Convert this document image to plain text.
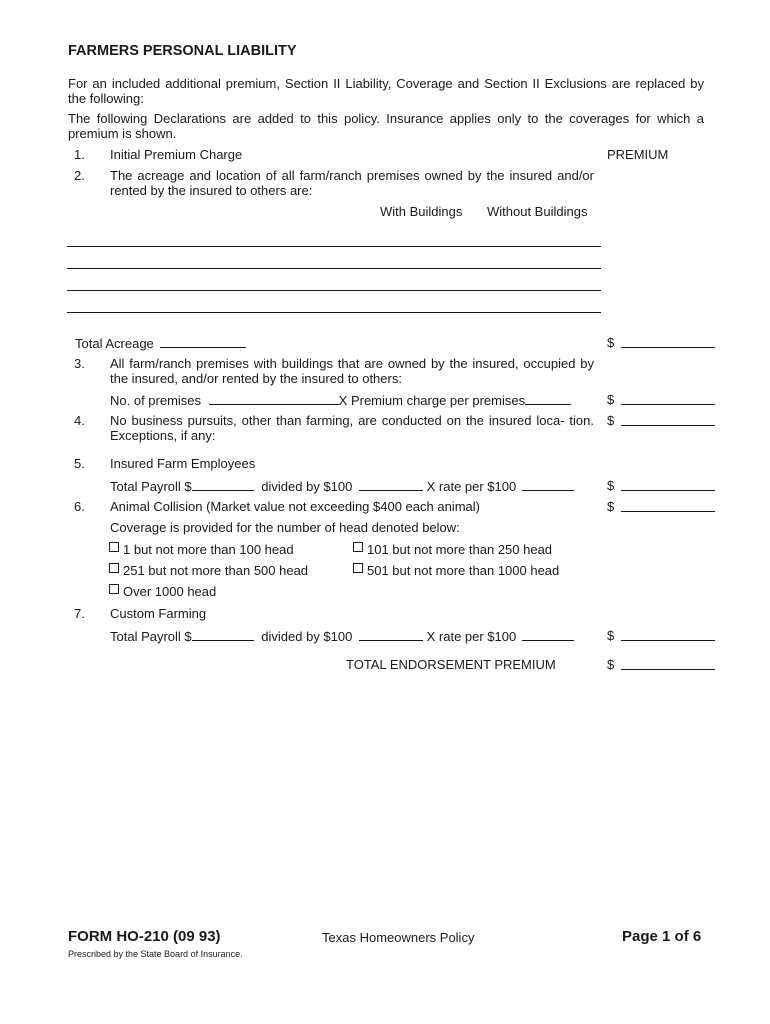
FARMERS PERSONAL LIABILITY
For an included additional premium, Section II Liability, Coverage and Section II Exclusions are replaced by the following:
The following Declarations are added to this policy. Insurance applies only to the coverages for which a premium is shown.
1. Initial Premium Charge	PREMIUM
2. The acreage and location of all farm/ranch premises owned by the insured and/or rented by the insured to others are:
With Buildings Without Buildings
Total Acreage	$
3. All farm/ranch premises with buildings that are owned by the insured, occupied by the insured, and/or rented by the insured to others:
No. of premises	X Premium charge per premises	$
4. No business pursuits, other than farming, are conducted on the insured loca- tion. Exceptions, if any:
$
5. Insured Farm Employees
Total Payroll $	divided by $100	X rate per $100	$
6. Animal Collision (Market value not exceeding $400 each animal)	$
Coverage is provided for the number of head denoted below:
1 but not more than 100 head	101 but not more than 250 head
251 but not more than 500 head	501 but not more than 1000 head
Over 1000 head
7. Custom Farming
Total Payroll $	divided by $100	X rate per $100	$
TOTAL ENDORSEMENT PREMIUM	$
FORM HO-210 (09 93)	Texas Homeowners Policy	Page 1 of 6
Prescribed by the State Board of Insurance.
